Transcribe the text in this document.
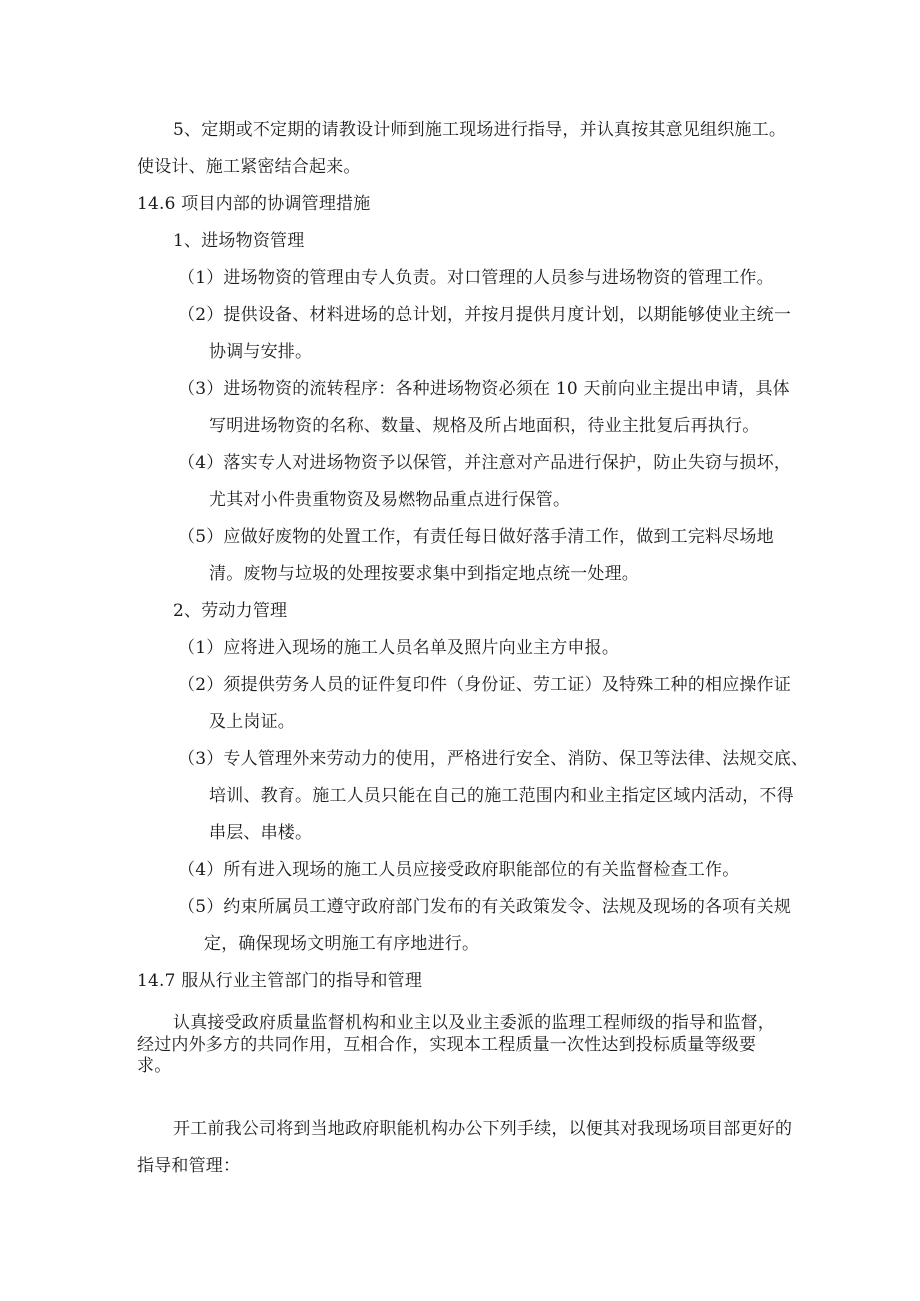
5、定期或不定期的请教设计师到施工现场进行指导，并认真按其意见组织施工。
使设计、施工紧密结合起来。
14.6 项目内部的协调管理措施
1、进场物资管理
（1）进场物资的管理由专人负责。对口管理的人员参与进场物资的管理工作。
（2）提供设备、材料进场的总计划，并按月提供月度计划，以期能够使业主统一
协调与安排。
（3）进场物资的流转程序：各种进场物资必须在 10 天前向业主提出申请，具体
写明进场物资的名称、数量、规格及所占地面积，待业主批复后再执行。
（4）落实专人对进场物资予以保管，并注意对产品进行保护，防止失窃与损坏，
尤其对小件贵重物资及易燃物品重点进行保管。
（5）应做好废物的处置工作，有责任每日做好落手清工作，做到工完料尽场地
清。废物与垃圾的处理按要求集中到指定地点统一处理。
2、劳动力管理
（1）应将进入现场的施工人员名单及照片向业主方申报。
（2）须提供劳务人员的证件复印件（身份证、劳工证）及特殊工种的相应操作证
及上岗证。
（3）专人管理外来劳动力的使用，严格进行安全、消防、保卫等法律、法规交底、
培训、教育。施工人员只能在自己的施工范围内和业主指定区域内活动，不得
串层、串楼。
（4）所有进入现场的施工人员应接受政府职能部位的有关监督检查工作。
（5）约束所属员工遵守政府部门发布的有关政策发令、法规及现场的各项有关规
定，确保现场文明施工有序地进行。
14.7 服从行业主管部门的指导和管理
认真接受政府质量监督机构和业主以及业主委派的监理工程师级的指导和监督，
经过内外多方的共同作用，互相合作，实现本工程质量一次性达到投标质量等级要
求。
开工前我公司将到当地政府职能机构办公下列手续，以便其对我现场项目部更好的
指导和管理：
